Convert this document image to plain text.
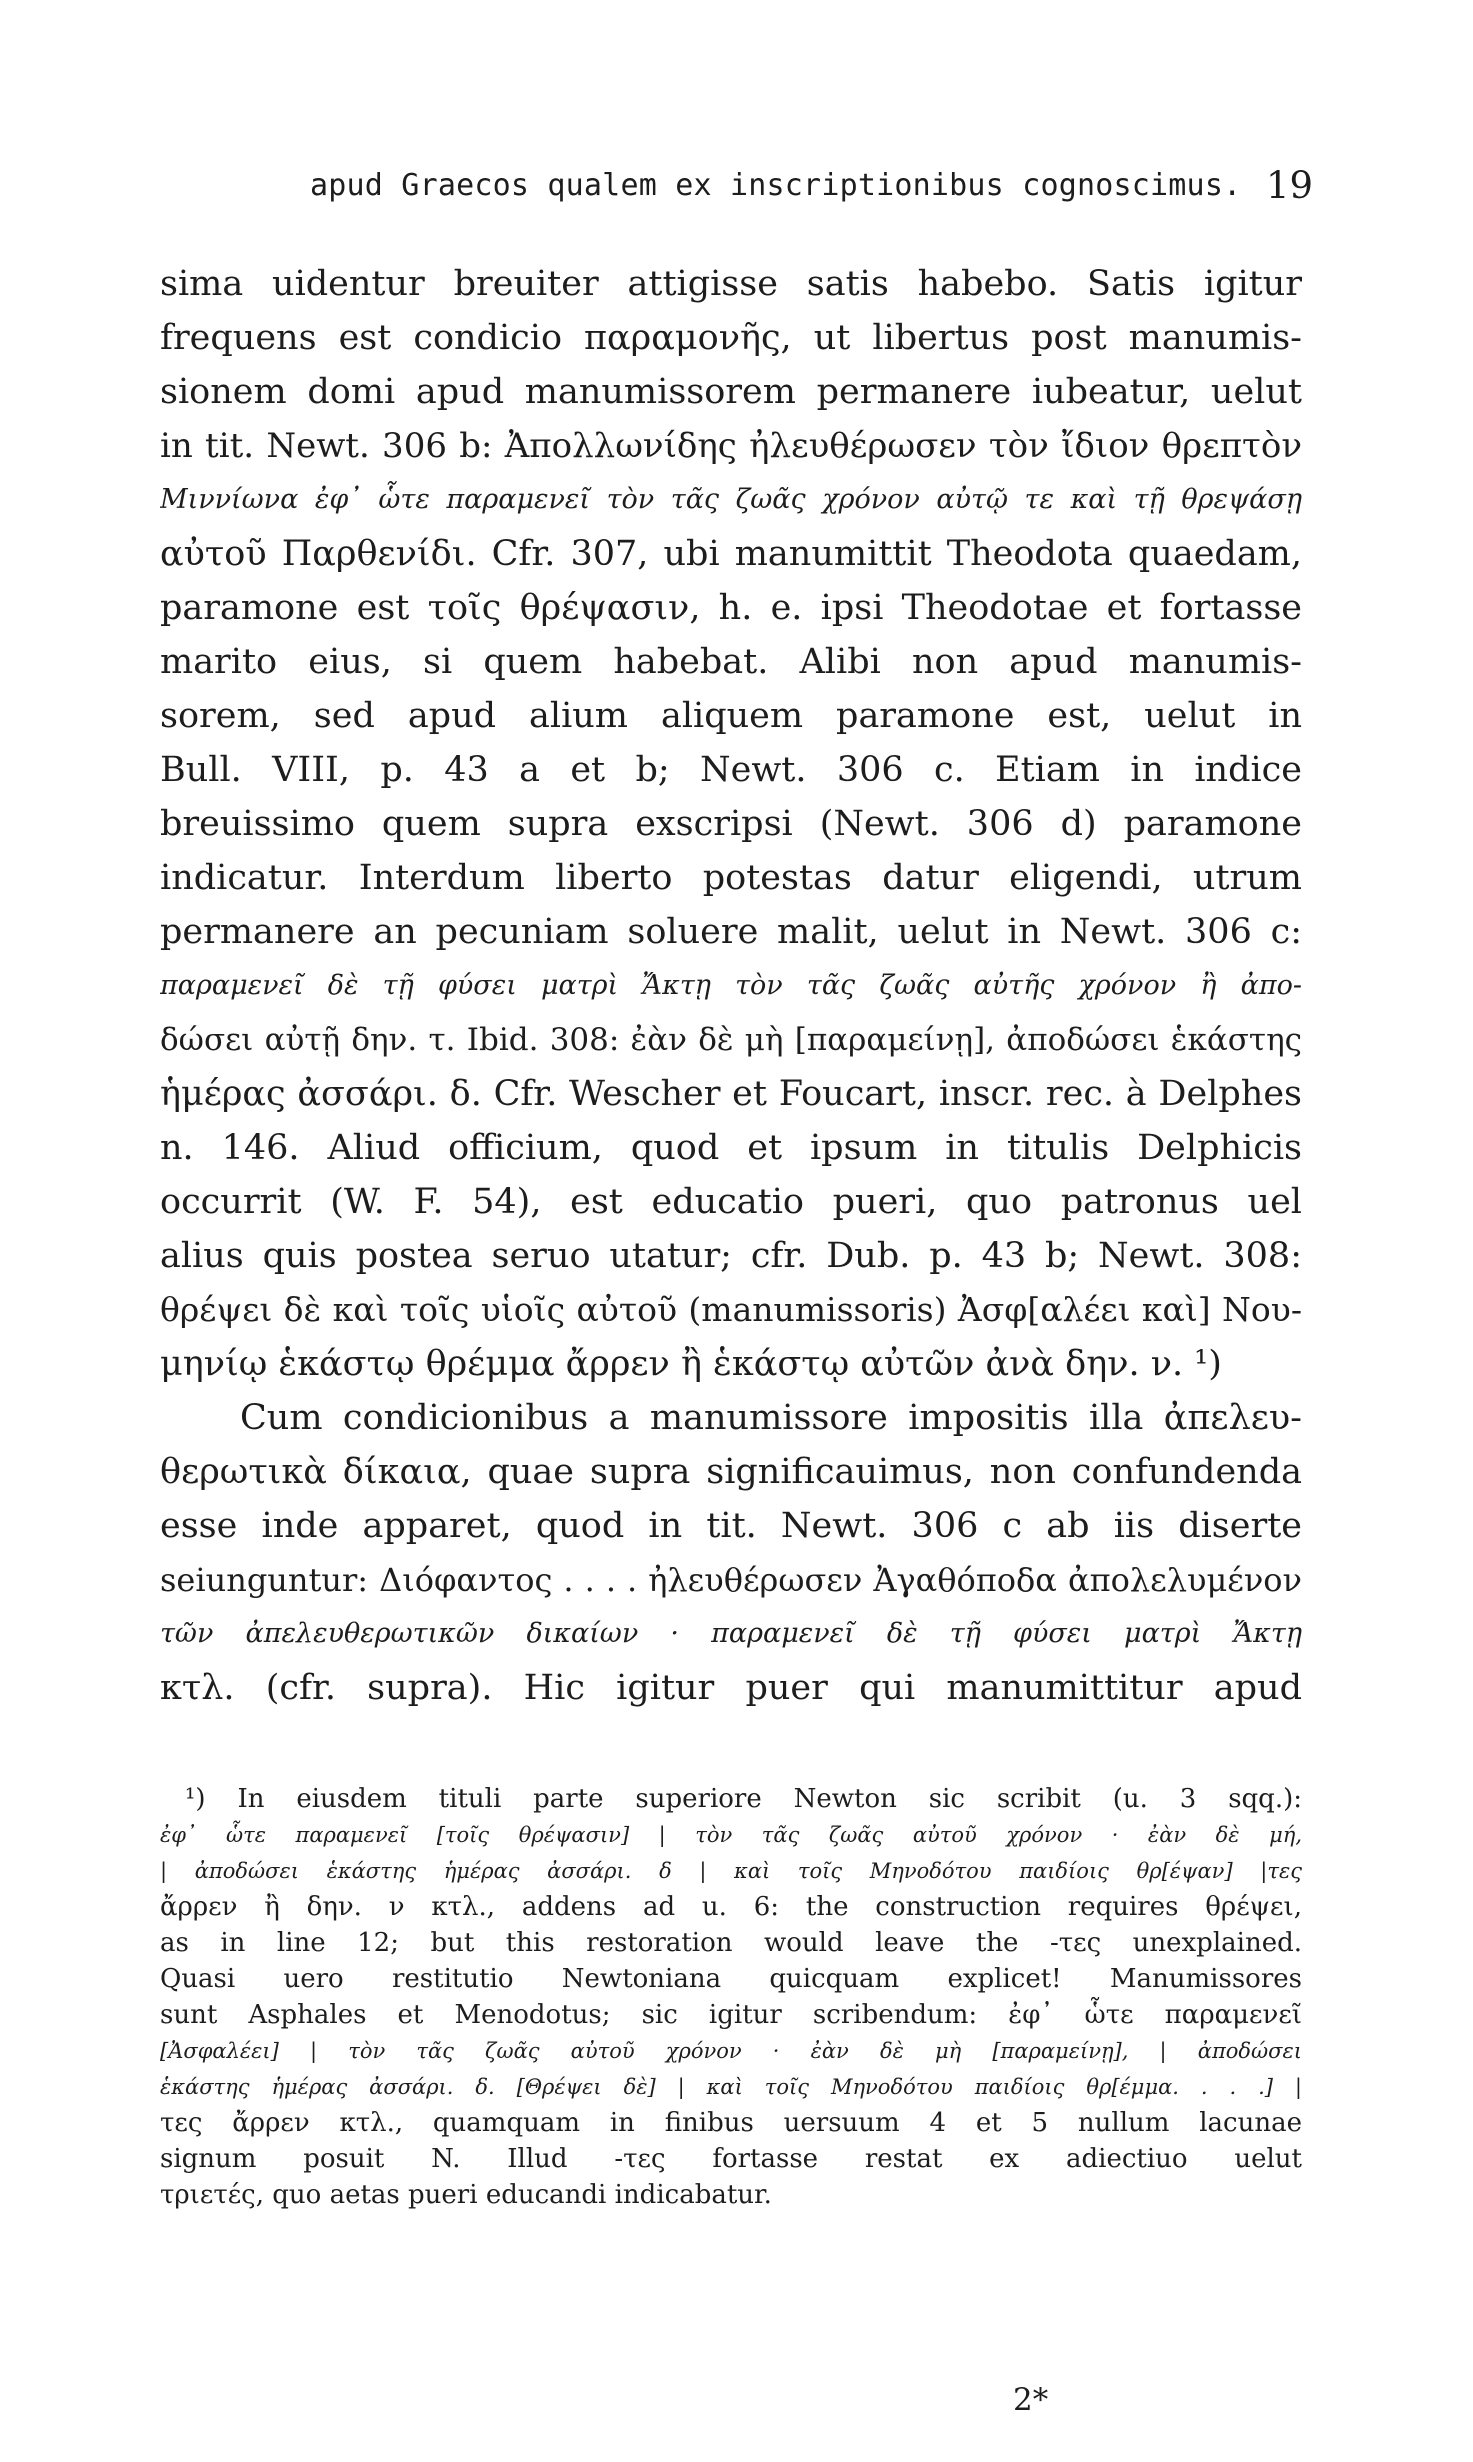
apud Graecos qualem ex inscriptionibus cognoscimus. 19
sima uidentur breuiter attigisse satis habebo. Satis igitur
frequens est condicio παραμονῆς, ut libertus post manumis-
sionem domi apud manumissorem permanere iubeatur, uelut
in tit. Newt. 306 b: Ἀπολλωνίδης ἠλευθέρωσεν τὸν ἴδιον θρεπτὸν
Μιννίωνα ἐφ᾽ ὧτε παραμενεῖ τὸν τᾶς ζωᾶς χρόνον αὐτῷ τε καὶ τῇ θρεψάσῃ
αὐτοῦ Παρθενίδι. Cfr. 307, ubi manumittit Theodota quaedam,
paramone est τοῖς θρέψασιν, h. e. ipsi Theodotae et fortasse
marito eius, si quem habebat. Alibi non apud manumis-
sorem, sed apud alium aliquem paramone est, uelut in
Bull. VIII, p. 43 a et b; Newt. 306 c. Etiam in indice
breuissimo quem supra exscripsi (Newt. 306 d) paramone
indicatur. Interdum liberto potestas datur eligendi, utrum
permanere an pecuniam soluere malit, uelut in Newt. 306 c:
παραμενεῖ δὲ τῇ φύσει ματρὶ Ἄκτῃ τὸν τᾶς ζωᾶς αὐτῆς χρόνον ἢ ἀπο-
δώσει αὐτῇ δην. τ. Ibid. 308: ἐὰν δὲ μὴ [παραμείνῃ], ἀποδώσει ἑκάστης
ἡμέρας ἀσσάρι. δ. Cfr. Wescher et Foucart, inscr. rec. à Delphes
n. 146. Aliud officium, quod et ipsum in titulis Delphicis
occurrit (W. F. 54), est educatio pueri, quo patronus uel
alius quis postea seruo utatur; cfr. Dub. p. 43 b; Newt. 308:
θρέψει δὲ καὶ τοῖς υἱοῖς αὐτοῦ (manumissoris) Ἀσφ[αλέει καὶ] Νου-
μηνίῳ ἑκάστῳ θρέμμα ἄρρεν ἢ ἑκάστῳ αὐτῶν ἀνὰ δην. ν. ¹)
Cum condicionibus a manumissore impositis illa ἀπελευ-
θερωτικὰ δίκαια, quae supra significauimus, non confundenda
esse inde apparet, quod in tit. Newt. 306 c ab iis diserte
seiunguntur: Διόφαντος . . . . ἠλευθέρωσεν Ἀγαθόποδα ἀπολελυμένον
τῶν ἀπελευθερωτικῶν δικαίων · παραμενεῖ δὲ τῇ φύσει ματρὶ Ἄκτῃ
κτλ. (cfr. supra). Hic igitur puer qui manumittitur apud
¹) In eiusdem tituli parte superiore Newton sic scribit (u. 3 sqq.):
ἐφ᾽ ὧτε παραμενεῖ [τοῖς θρέψασιν] | τὸν τᾶς ζωᾶς αὐτοῦ χρόνον · ἐὰν δὲ μή,
| ἀποδώσει ἑκάστης ἡμέρας ἀσσάρι. δ | καὶ τοῖς Μηνοδότου παιδίοις θρ[έψαν] |τες
ἄρρεν ἢ δην. ν κτλ., addens ad u. 6: the construction requires θρέψει,
as in line 12; but this restoration would leave the -τες unexplained.
Quasi uero restitutio Newtoniana quicquam explicet! Manumissores
sunt Asphales et Menodotus; sic igitur scribendum: ἐφ᾽ ὧτε παραμενεῖ
[Ἀσφαλέει] | τὸν τᾶς ζωᾶς αὐτοῦ χρόνον · ἐὰν δὲ μὴ [παραμείνῃ], | ἀποδώσει
ἑκάστης ἡμέρας ἀσσάρι. δ. [Θρέψει δὲ] | καὶ τοῖς Μηνοδότου παιδίοις θρ[έμμα. . . .] |
τες ἄρρεν κτλ., quamquam in finibus uersuum 4 et 5 nullum lacunae
signum posuit N. Illud -τες fortasse restat ex adiectiuo uelut
τριετές, quo aetas pueri educandi indicabatur.
2*
